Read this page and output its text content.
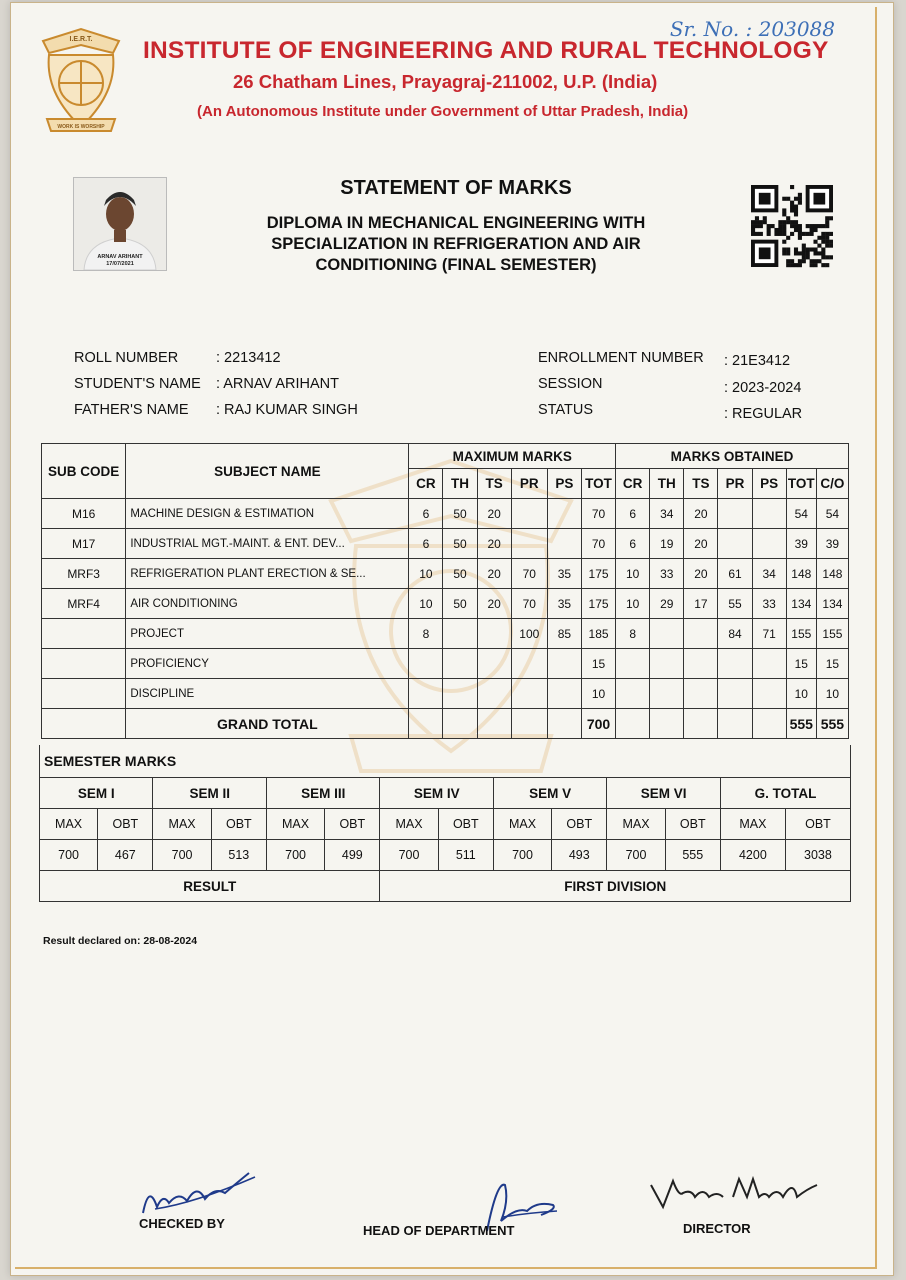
I.E.R.T.
WORK IS WORSHIP
Sr. No. : 203088
INSTITUTE OF ENGINEERING AND RURAL TECHNOLOGY
26 Chatham Lines, Prayagraj-211002, U.P. (India)
(An Autonomous Institute under Government of Uttar Pradesh, India)
ARNAV ARIHANT
17/07/2021
STATEMENT OF MARKS
DIPLOMA IN MECHANICAL ENGINEERING WITH
SPECIALIZATION IN REFRIGERATION AND AIR
CONDITIONING (FINAL SEMESTER)
ROLL NUMBER	: 2213412
STUDENT'S NAME : ARNAV ARIHANT
FATHER'S NAME : RAJ KUMAR SINGH
ENROLLMENT NUMBER : 21E3412
SESSION	: 2023-2024
STATUS	: REGULAR
SUB CODE	SUBJECT NAME	MAXIMUM MARKS						MARKS OBTAINED						
		CR	TH	TS	PR	PS	TOT	CR	TH	TS	PR	PS	TOT	C/O
M16	MACHINE DESIGN & ESTIMATION	6	50	20			70	6	34	20			54	54
M17	INDUSTRIAL MGT.-MAINT. & ENT. DEV...	6	50	20			70	6	19	20			39	39
MRF3	REFRIGERATION PLANT ERECTION & SE...	10	50	20	70	35	175	10	33	20	61	34	148	148
MRF4	AIR CONDITIONING	10	50	20	70	35	175	10	29	17	55	33	134	134
	PROJECT	8			100	85	185	8			84	71	155	155
	PROFICIENCY						15						15	15
	DISCIPLINE						10						10	10
	GRAND TOTAL						700						555	555
SEMESTER MARKS													
SEM I		SEM II		SEM III		SEM IV		SEM V		SEM VI		G. TOTAL	
MAX	OBT	MAX	OBT	MAX	OBT	MAX	OBT	MAX	OBT	MAX	OBT	MAX	OBT
700	467	700	513	700	499	700	511	700	493	700	555	4200	3038
RESULT						FIRST DIVISION							
Result declared on: 28-08-2024
CHECKED BY	HEAD OF DEPARTMENT	DIRECTOR
